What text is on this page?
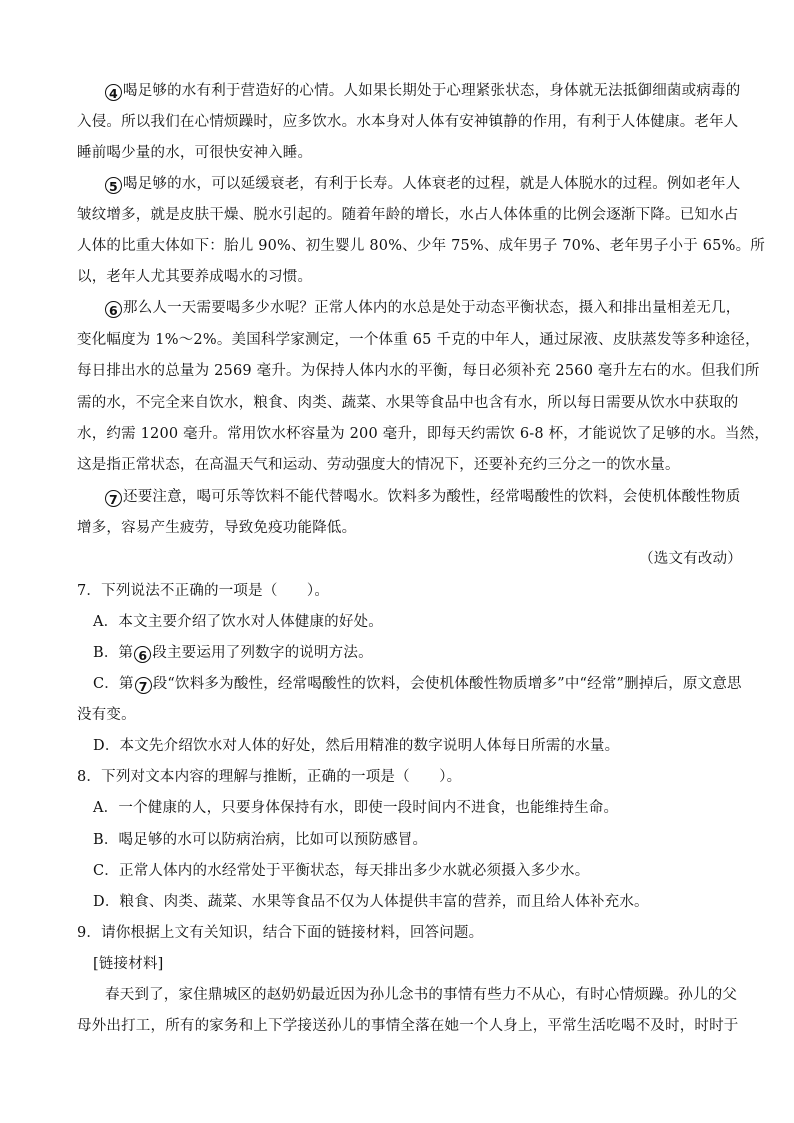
4 喝足够的水有利于营造好的心情。人如果长期处于心理紧张状态，身体就无法抵御细菌或病毒的
入侵。所以我们在心情烦躁时，应多饮水。水本身对人体有安神镇静的作用，有利于人体健康。老年人
睡前喝少量的水，可很快安神入睡。
5 喝足够的水，可以延缓衰老，有利于长寿。人体衰老的过程，就是人体脱水的过程。例如老年人
皱纹增多，就是皮肤干燥、脱水引起的。随着年龄的增长，水占人体体重的比例会逐渐下降。已知水占
人体的比重大体如下：胎儿 90%、初生婴儿 80%、少年 75%、成年男子 70%、老年男子小于 65%。所
以，老年人尤其要养成喝水的习惯。
6 那么人一天需要喝多少水呢？正常人体内的水总是处于动态平衡状态，摄入和排出量相差无几，
变化幅度为 1%～2%。美国科学家测定，一个体重 65 千克的中年人，通过尿液、皮肤蒸发等多种途径，
每日排出水的总量为 2569 毫升。为保持人体内水的平衡，每日必须补充 2560 毫升左右的水。但我们所
需的水，不完全来自饮水，粮食、肉类、蔬菜、水果等食品中也含有水，所以每日需要从饮水中获取的
水，约需 1200 毫升。常用饮水杯容量为 200 毫升，即每天约需饮 6-8 杯，才能说饮了足够的水。当然，
这是指正常状态，在高温天气和运动、劳动强度大的情况下，还要补充约三分之一的饮水量。
7 还要注意，喝可乐等饮料不能代替喝水。饮料多为酸性，经常喝酸性的饮料，会使机体酸性物质
增多，容易产生疲劳，导致免疫功能降低。
（选文有改动）
7．下列说法不正确的一项是（　　）。
A．本文主要介绍了饮水对人体健康的好处。
B．第 6 段主要运用了列数字的说明方法。
C．第 7 段“饮料多为酸性，经常喝酸性的饮料，会使机体酸性物质增多”中“经常”删掉后，原文意思
没有变。
D．本文先介绍饮水对人体的好处，然后用精准的数字说明人体每日所需的水量。
8．下列对文本内容的理解与推断，正确的一项是（　　）。
A．一个健康的人，只要身体保持有水，即使一段时间内不进食，也能维持生命。
B．喝足够的水可以防病治病，比如可以预防感冒。
C．正常人体内的水经常处于平衡状态，每天排出多少水就必须摄入多少水。
D．粮食、肉类、蔬菜、水果等食品不仅为人体提供丰富的营养，而且给人体补充水。
9．请你根据上文有关知识，结合下面的链接材料，回答问题。
[链接材料]
春天到了，家住鼎城区的赵奶奶最近因为孙儿念书的事情有些力不从心，有时心情烦躁。孙儿的父
母外出打工，所有的家务和上下学接送孙儿的事情全落在她一个人身上，平常生活吃喝不及时，时时于
